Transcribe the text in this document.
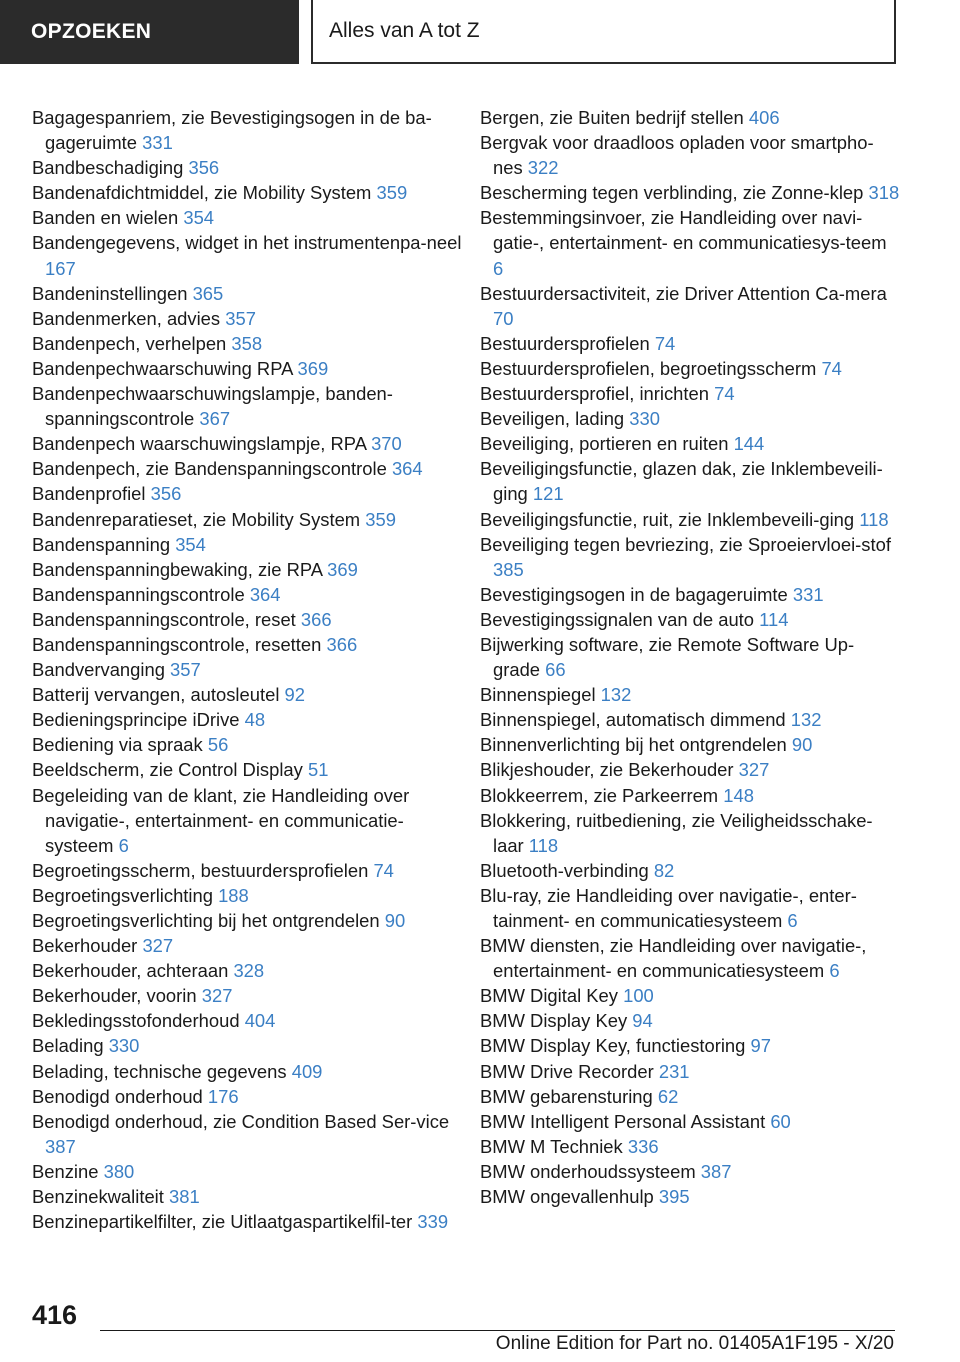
OPZOEKEN	Alles van A tot Z

Bagagespanriem, zie Bevestigingsogen in de ba-gageruimte 331

Bandbeschadiging 356

Bandenafdichtmiddel, zie Mobility System 359

Banden en wielen 354

Bandengegevens, widget in het instrumentenpa-neel 167

Bandeninstellingen 365

Bandenmerken, advies 357

Bandenpech, verhelpen 358

Bandenpechwaarschuwing RPA 369

Bandenpechwaarschuwingslampje, banden-spanningscontrole 367

Bandenpech waarschuwingslampje, RPA 370

Bandenpech, zie Bandenspanningscontrole 364

Bandenprofiel 356

Bandenreparatieset, zie Mobility System 359

Bandenspanning 354

Bandenspanningbewaking, zie RPA 369

Bandenspanningscontrole 364

Bandenspanningscontrole, reset 366

Bandenspanningscontrole, resetten 366

Bandvervanging 357

Batterij vervangen, autosleutel 92

Bedieningsprincipe iDrive 48

Bediening via spraak 56

Beeldscherm, zie Control Display 51

Begeleiding van de klant, zie Handleiding over navigatie-, entertainment- en communicatie-systeem 6

Begroetingsscherm, bestuurdersprofielen 74

Begroetingsverlichting 188

Begroetingsverlichting bij het ontgrendelen 90

Bekerhouder 327

Bekerhouder, achteraan 328

Bekerhouder, voorin 327

Bekledingsstofonderhoud 404

Belading 330

Belading, technische gegevens 409

Benodigd onderhoud 176

Benodigd onderhoud, zie Condition Based Ser-vice 387

Benzine 380

Benzinekwaliteit 381

Benzinepartikelfilter, zie Uitlaatgaspartikelfil-ter 339

Bergen, zie Buiten bedrijf stellen 406

Bergvak voor draadloos opladen voor smartpho-nes 322

Bescherming tegen verblinding, zie Zonne-klep 318

Bestemmingsinvoer, zie Handleiding over navi-gatie-, entertainment- en communicatiesys-teem 6

Bestuurdersactiviteit, zie Driver Attention Ca-mera 70

Bestuurdersprofielen 74

Bestuurdersprofielen, begroetingsscherm 74

Bestuurdersprofiel, inrichten 74

Beveiligen, lading 330

Beveiliging, portieren en ruiten 144

Beveiligingsfunctie, glazen dak, zie Inklembeveili-ging 121

Beveiligingsfunctie, ruit, zie Inklembeveili-ging 118

Beveiliging tegen bevriezing, zie Sproeiervloei-stof 385

Bevestigingsogen in de bagageruimte 331

Bevestigingssignalen van de auto 114

Bijwerking software, zie Remote Software Up-grade 66

Binnenspiegel 132

Binnenspiegel, automatisch dimmend 132

Binnenverlichting bij het ontgrendelen 90

Blikjeshouder, zie Bekerhouder 327

Blokkeerrem, zie Parkeerrem 148

Blokkering, ruitbediening, zie Veiligheidsschake-laar 118

Bluetooth-verbinding 82

Blu-ray, zie Handleiding over navigatie-, enter-tainment- en communicatiesysteem 6

BMW diensten, zie Handleiding over navigatie-, entertainment- en communicatiesysteem 6

BMW Digital Key 100

BMW Display Key 94

BMW Display Key, functiestoring 97

BMW Drive Recorder 231

BMW gebarensturing 62

BMW Intelligent Personal Assistant 60

BMW M Techniek 336

BMW onderhoudssysteem 387

BMW ongevallenhulp 395

416
Online Edition for Part no. 01405A1F195 - X/20
